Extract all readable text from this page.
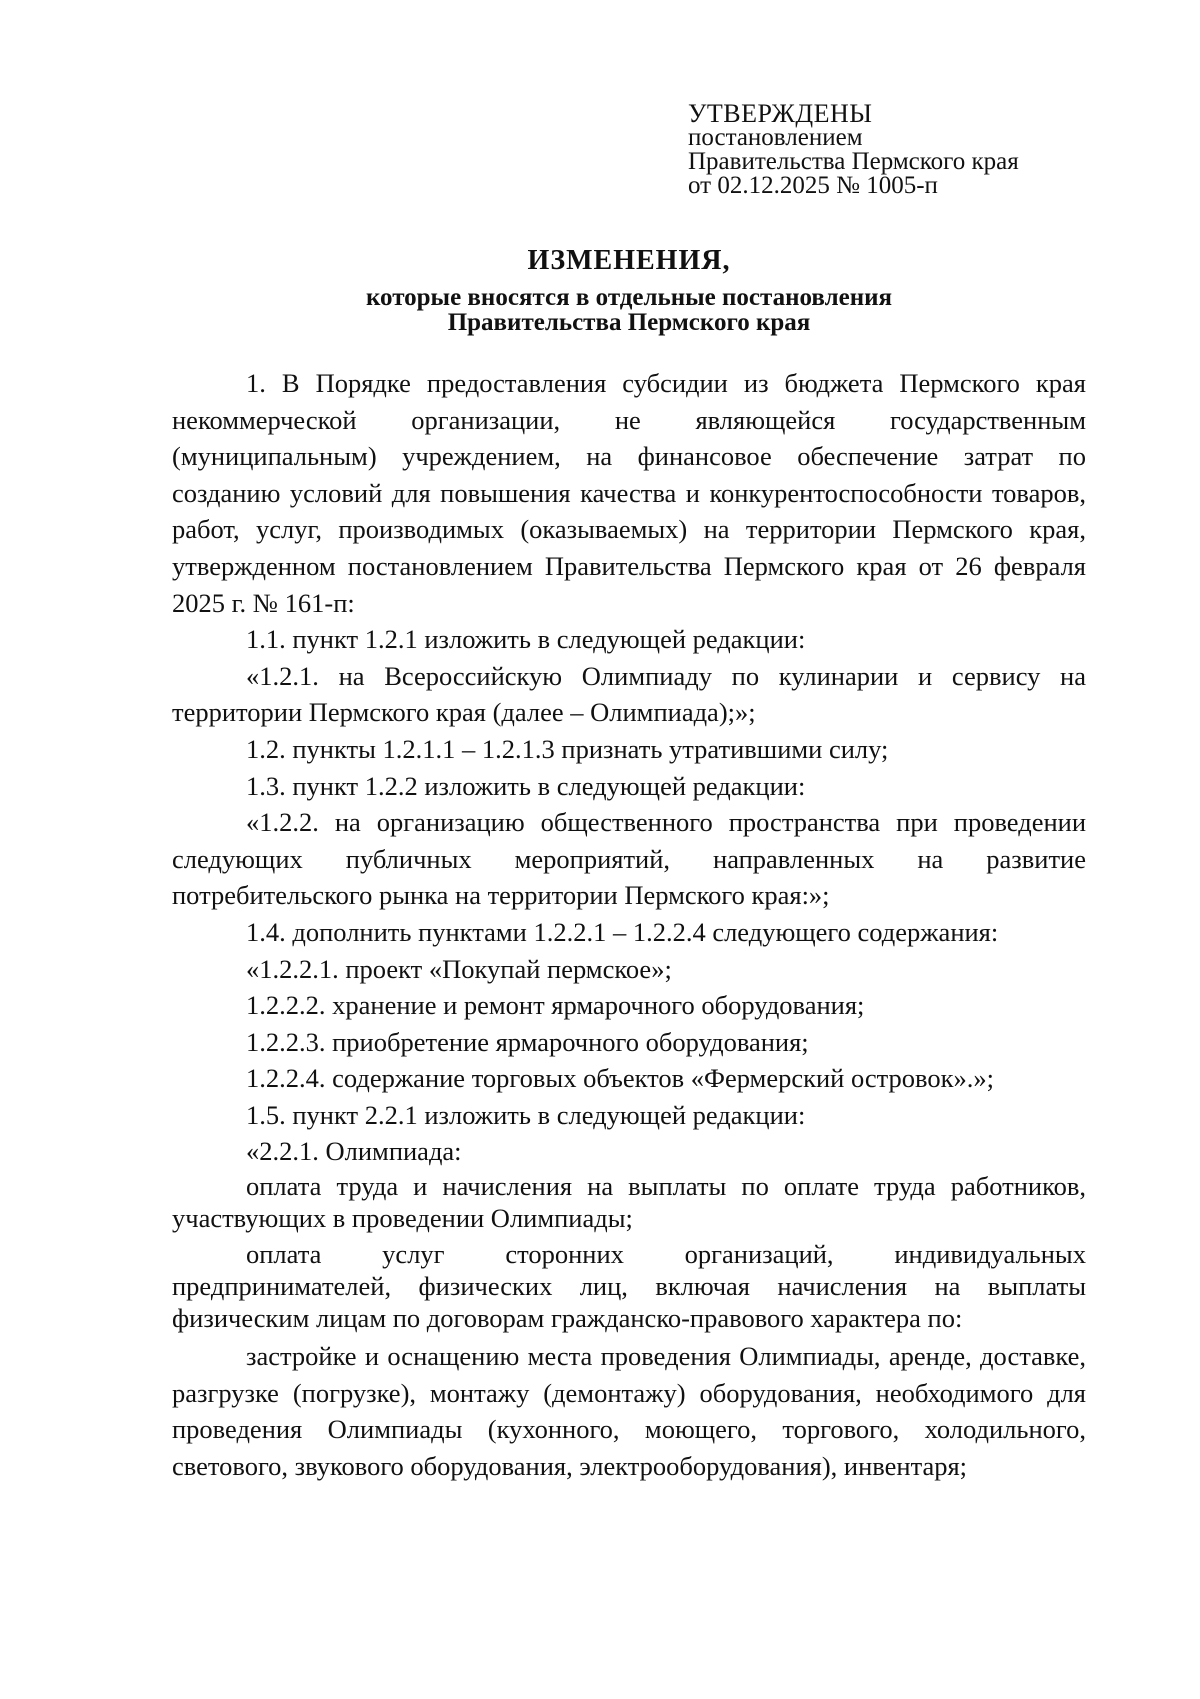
УТВЕРЖДЕНЫ
постановлением
Правительства Пермского края
от 02.12.2025 № 1005-п
ИЗМЕНЕНИЯ,
которые вносятся в отдельные постановления
Правительства Пермского края

1. В Порядке предоставления субсидии из бюджета Пермского края некоммерческой организации, не являющейся государственным (муниципальным) учреждением, на финансовое обеспечение затрат по созданию условий для повышения качества и конкурентоспособности товаров, работ, услуг, производимых (оказываемых) на территории Пермского края, утвержденном постановлением Правительства Пермского края от 26 февраля 2025 г. № 161-п:

1.1. пункт 1.2.1 изложить в следующей редакции:

«1.2.1. на Всероссийскую Олимпиаду по кулинарии и сервису на территории Пермского края (далее – Олимпиада);»;

1.2. пункты 1.2.1.1 – 1.2.1.3 признать утратившими силу;

1.3. пункт 1.2.2 изложить в следующей редакции:

«1.2.2. на организацию общественного пространства при проведении следующих публичных мероприятий, направленных на развитие потребительского рынка на территории Пермского края:»;

1.4. дополнить пунктами 1.2.2.1 – 1.2.2.4 следующего содержания:

«1.2.2.1. проект «Покупай пермское»;

1.2.2.2. хранение и ремонт ярмарочного оборудования;

1.2.2.3. приобретение ярмарочного оборудования;

1.2.2.4. содержание торговых объектов «Фермерский островок».»;

1.5. пункт 2.2.1 изложить в следующей редакции:

«2.2.1. Олимпиада:

оплата труда и начисления на выплаты по оплате труда работников, участвующих в проведении Олимпиады;

оплата услуг сторонних организаций, индивидуальных предпринимателей, физических лиц, включая начисления на выплаты физическим лицам по договорам гражданско-правового характера по:

застройке и оснащению места проведения Олимпиады, аренде, доставке, разгрузке (погрузке), монтажу (демонтажу) оборудования, необходимого для проведения Олимпиады (кухонного, моющего, торгового, холодильного, светового, звукового оборудования, электрооборудования), инвентаря;
